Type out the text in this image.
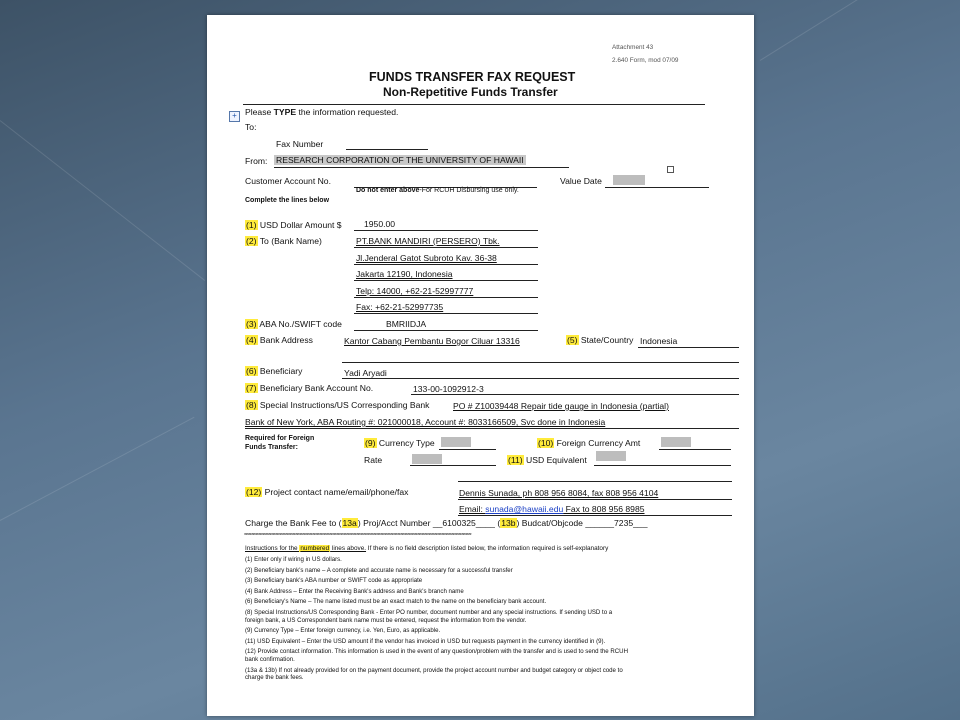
Attachment 43
2.640 Form, mod 07/09
FUNDS TRANSFER FAX REQUEST
Non-Repetitive Funds Transfer
+ Please TYPE the information requested.
To:
Fax Number
From: RESEARCH CORPORATION OF THE UNIVERSITY OF HAWAII
Customer Account No.	Value Date
Do not enter above-For RCUH Disbursing use only.
Complete the lines below
(1) USD Dollar Amount $	1950.00
(2) To (Bank Name)	PT.BANK MANDIRI (PERSERO) Tbk.
Jl.Jenderal Gatot Subroto Kav. 36-38
Jakarta 12190, Indonesia
Telp: 14000, +62-21-52997777
Fax: +62-21-52997735
(3) ABA No./SWIFT code	BMRIIDJA
(4) Bank Address	Kantor Cabang Pembantu Bogor Ciluar 13316	(5) State/Country Indonesia
(6) Beneficiary	Yadi Aryadi
(7) Beneficiary Bank Account No.	133-00-1092912-3
(8) Special Instructions/US Corresponding Bank	PO # Z10039448 Repair tide gauge in Indonesia (partial)
Bank of New York, ABA Routing #: 021000018, Account #: 8033166509, Svc done in Indonesia
Required for Foreign
Funds Transfer:	(9) Currency Type	(10) Foreign Currency Amt
Rate	(11) USD Equivalent
(12) Project contact name/email/phone/fax	Dennis Sunada, ph 808 956 8084, fax 808 956 4104
Email: sunada@hawaii.edu Fax to 808 956 8985
Charge the Bank Fee to (13a) Proj/Acct Number __6100325____ (13b) Budcat/Objcode ______7235___
****************************************************************************************************************************************************************
Instructions for the numbered lines above. If there is no field description listed below, the information required is self-explanatory
(1) Enter only if wiring in US dollars.
(2) Beneficiary bank's name – A complete and accurate name is necessary for a successful transfer
(3) Beneficiary bank's ABA number or SWIFT code as appropriate
(4) Bank Address – Enter the Receiving Bank's address and Bank's branch name
(6) Beneficiary's Name – The name listed must be an exact match to the name on the beneficiary bank account.
(8) Special Instructions/US Corresponding Bank - Enter PO number, document number and any special instructions. If sending USD to a
foreign bank, a US Correspondent bank name must be entered, request the information from the vendor.
(9) Currency Type – Enter foreign currency, i.e. Yen, Euro, as applicable.
(11) USD Equivalent – Enter the USD amount if the vendor has invoiced in USD but requests payment in the currency identified in (9).
(12) Provide contact information. This information is used in the event of any question/problem with the transfer and is used to send the RCUH
bank confirmation.
(13a & 13b) If not already provided for on the payment document, provide the project account number and budget category or object code to
charge the bank fees.
